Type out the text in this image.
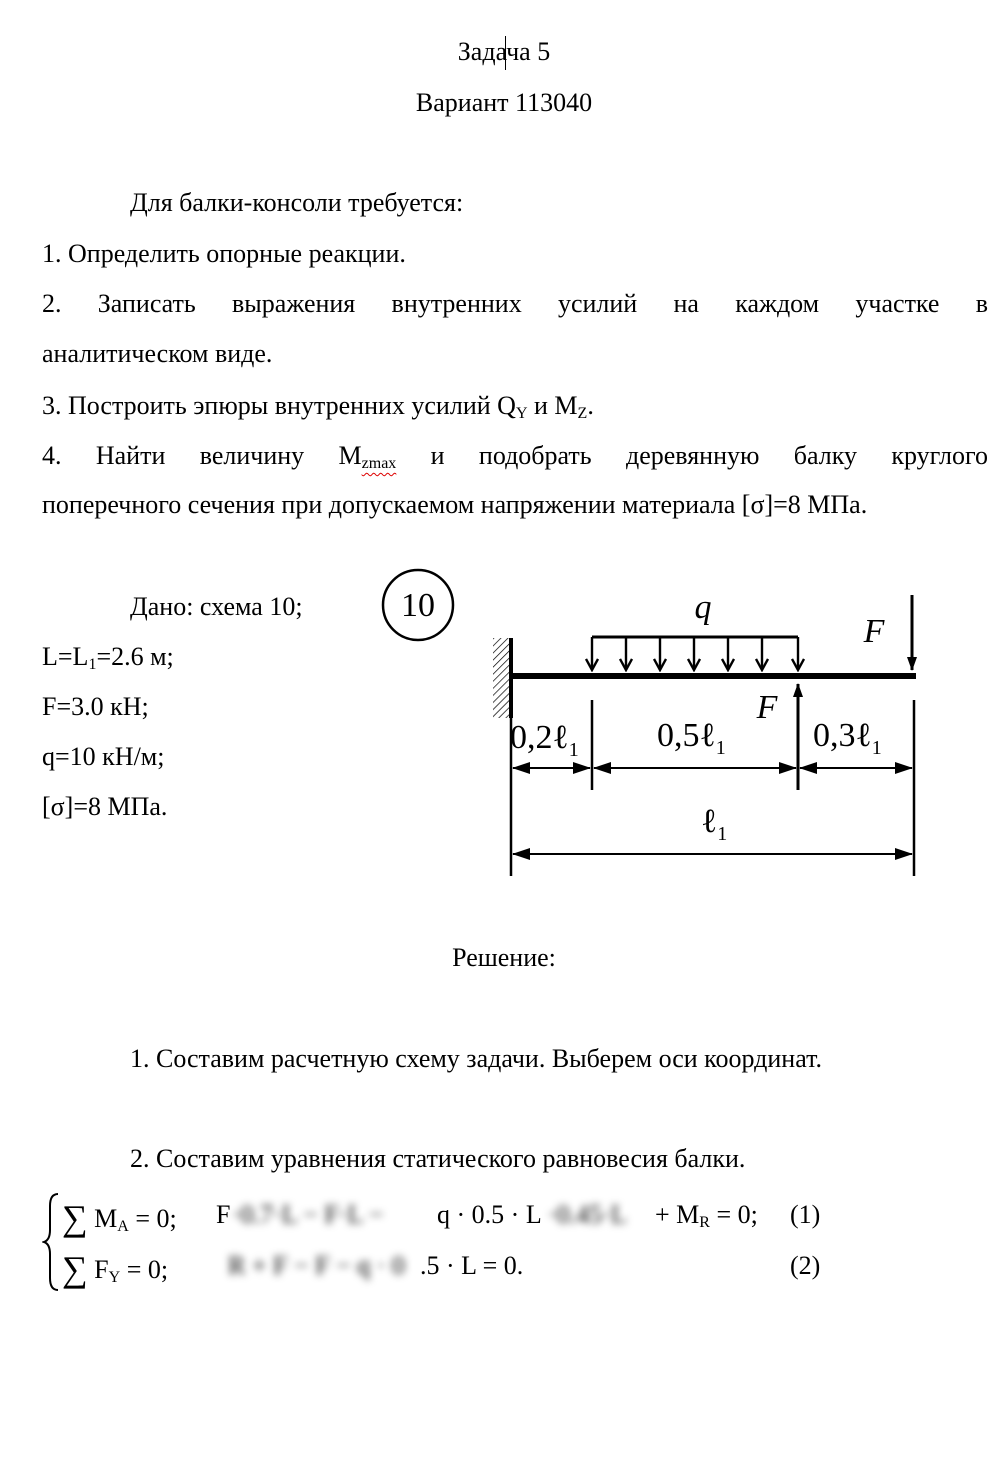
Задача 5
Вариант 113040
Для балки-консоли требуется:
1. Определить опорные реакции.
2. Записать выражения внутренних усилий на каждом участке в
аналитическом виде.
3. Построить эпюры внутренних усилий $Q_Y$ и $M_Z$.
4. Найти величину $M_{zmax}$ и подобрать деревянную балку круглого
поперечного сечения при допускаемом напряжении материала [σ]=8 МПа.
Дано: схема 10;
$L=L_1=2.6$ м;
F=3.0 кН;
q=10 кН/м;
[σ]=8 МПа.
10	q
F
F
0,2ℓ$_1$ 0,5ℓ$_1$	0,3ℓ$_1$
ℓ$_1$
Решение:
1. Составим расчетную схему задачи. Выберем оси координат.
2. Составим уравнения статического равновесия балки.
∑ $M_A = 0$; $F \cdot 0.7\cdot L - F\cdot L - q \cdot 0.5 \cdot L \cdot 0.45\cdot L + M_R = 0$; (1)
∑ $F_Y = 0$; R + F − F − q · 0 .5 · L = 0.	(2)
